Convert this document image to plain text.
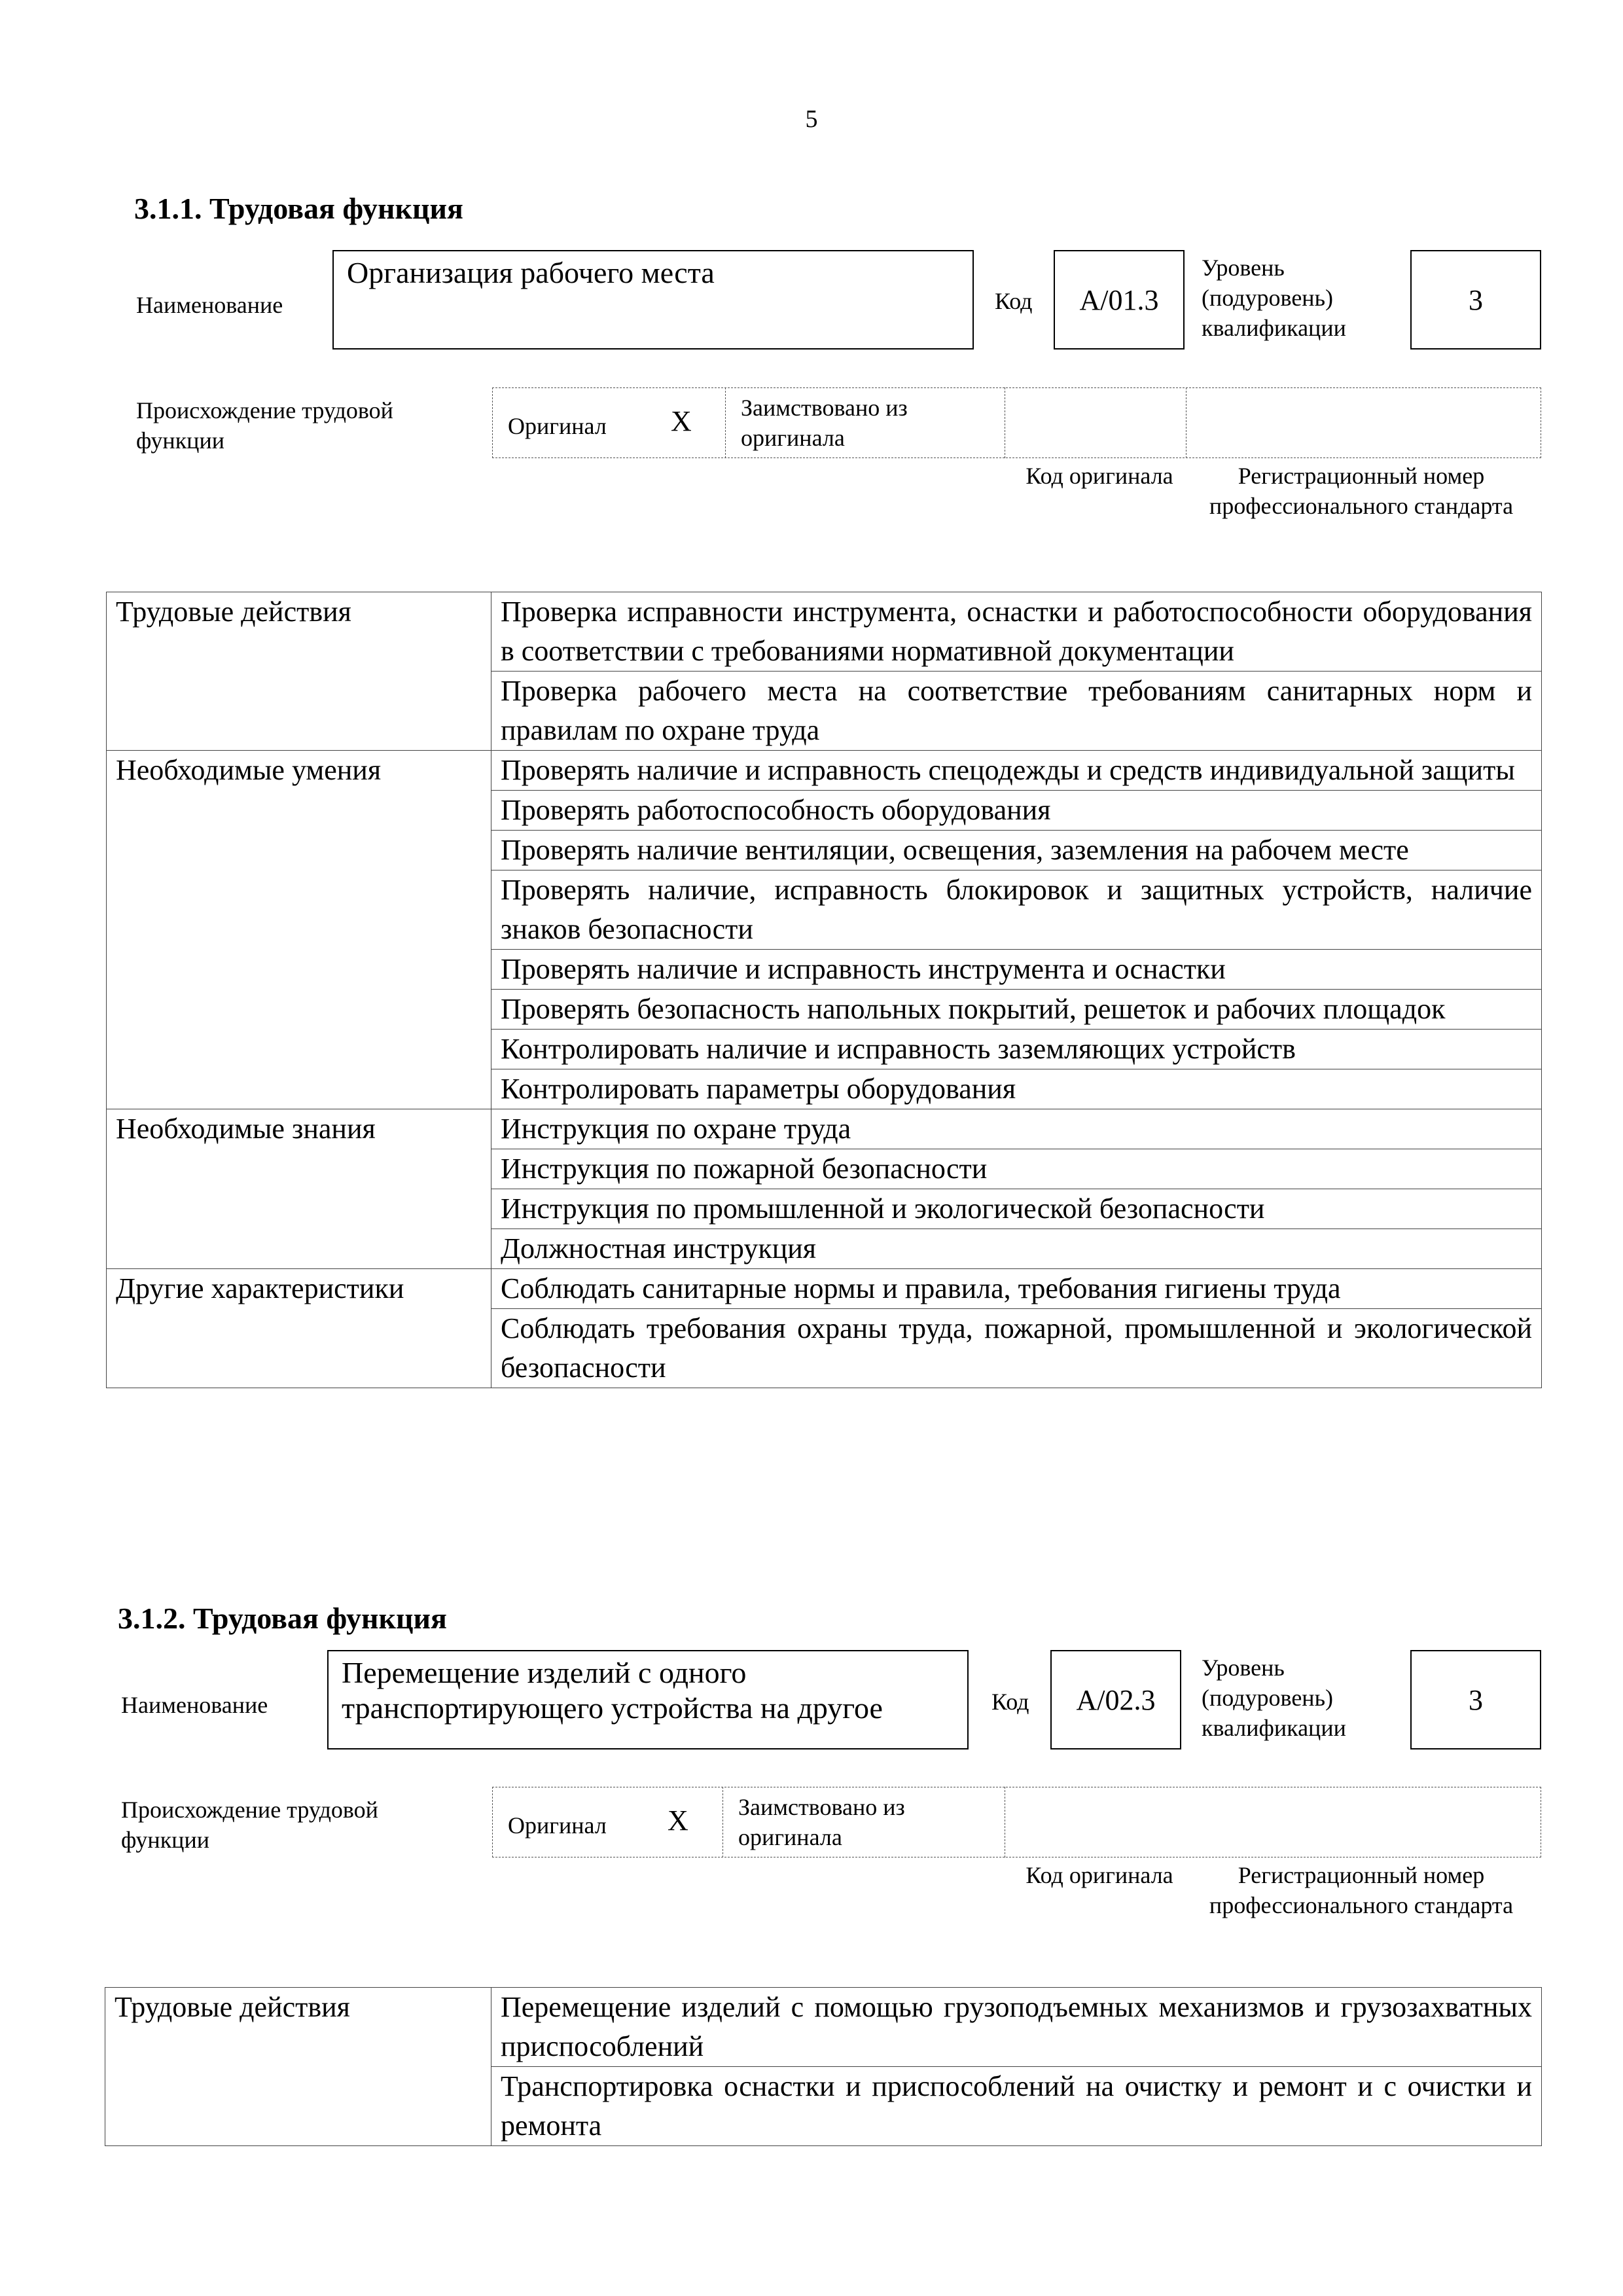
5
3.1.1. Трудовая функция
Наименование
Организация рабочего места
Код	A/01.3
Уровень (подуровень) квалификации
3
Происхождение трудовой функции
Оригинал X Заимствовано из оригинала
Код оригинала	Регистрационный номер профессионального стандарта
Трудовые действия	Проверка исправности инструмента, оснастки и работоспособности оборудования в соответствии с требованиями нормативной документации
	Проверка рабочего места на соответствие требованиям санитарных норм и правилам по охране труда
Необходимые умения	Проверять наличие и исправность спецодежды и средств индивидуальной защиты
	Проверять работоспособность оборудования
	Проверять наличие вентиляции, освещения, заземления на рабочем месте
	Проверять наличие, исправность блокировок и защитных устройств, наличие знаков безопасности
	Проверять наличие и исправность инструмента и оснастки
	Проверять безопасность напольных покрытий, решеток и рабочих площадок
	Контролировать наличие и исправность заземляющих устройств
	Контролировать параметры оборудования
Необходимые знания	Инструкция по охране труда
	Инструкция по пожарной безопасности
	Инструкция по промышленной и экологической безопасности
	Должностная инструкция
Другие характеристики	Соблюдать санитарные нормы и правила, требования гигиены труда
	Соблюдать требования охраны труда, пожарной, промышленной и экологической безопасности
3.1.2. Трудовая функция
Наименование
Перемещение изделий с одного транспортирующего устройства на другое	Код	A/02.3
Уровень (подуровень) квалификации
3
Происхождение трудовой функции
Оригинал X Заимствовано из оригинала
Код оригинала	Регистрационный номер профессионального стандарта
Трудовые действия	Перемещение изделий с помощью грузоподъемных механизмов и грузозахватных приспособлений
Транспортировка оснастки и приспособлений на очистку и ремонт и с очистки и ремонта
